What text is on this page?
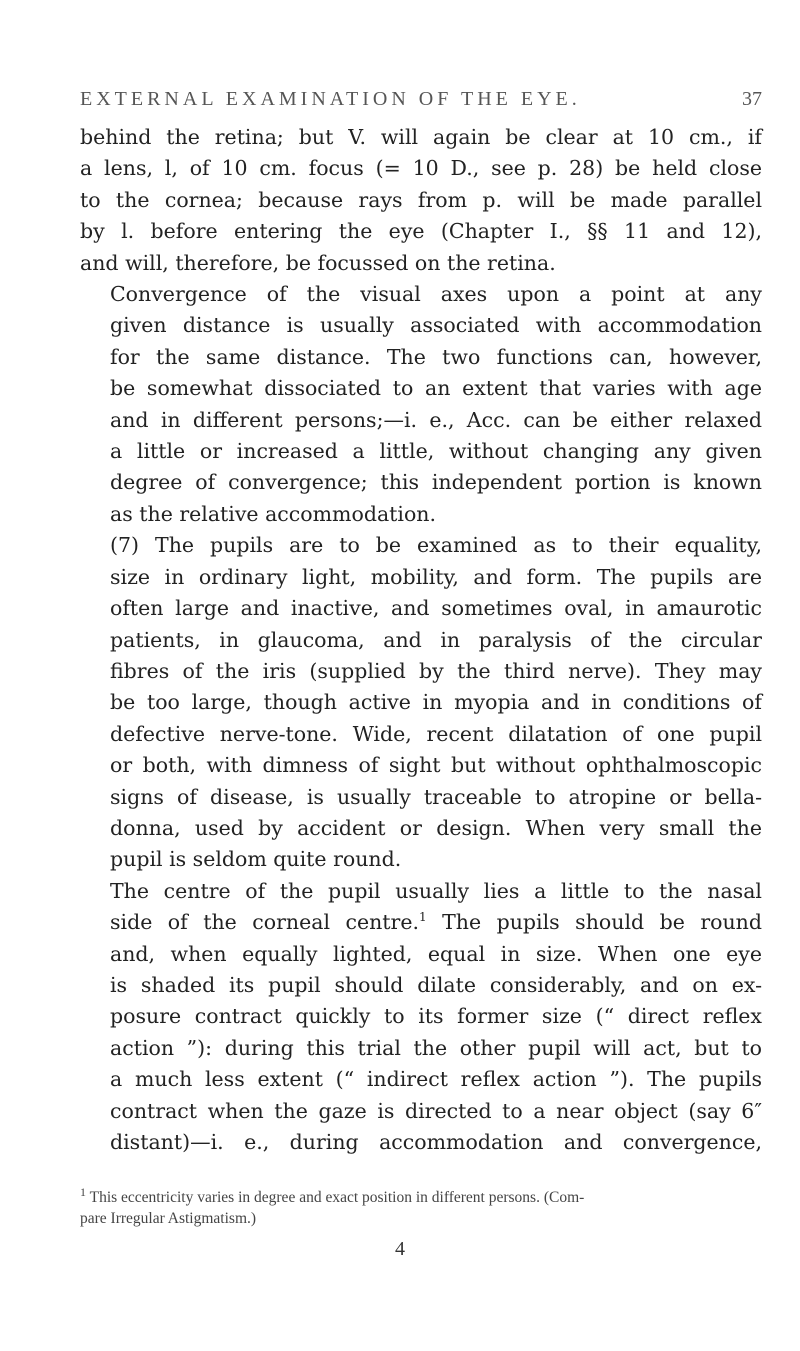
EXTERNAL EXAMINATION OF THE EYE.	37

behind the retina; but V. will again be clear at 10 cm., if
a lens, l, of 10 cm. focus (= 10 D., see p. 28) be held close
to the cornea; because rays from p. will be made parallel
by l. before entering the eye (Chapter I., §§ 11 and 12),
and will, therefore, be focussed on the retina.

Convergence of the visual axes upon a point at any
given distance is usually associated with accommodation
for the same distance. The two functions can, however,
be somewhat dissociated to an extent that varies with age
and in different persons;—i. e., Acc. can be either relaxed
a little or increased a little, without changing any given
degree of convergence; this independent portion is known
as the relative accommodation.

(7) The pupils are to be examined as to their equality,
size in ordinary light, mobility, and form. The pupils are
often large and inactive, and sometimes oval, in amaurotic
patients, in glaucoma, and in paralysis of the circular
fibres of the iris (supplied by the third nerve). They may
be too large, though active in myopia and in conditions of
defective nerve-tone. Wide, recent dilatation of one pupil
or both, with dimness of sight but without ophthalmoscopic
signs of disease, is usually traceable to atropine or bella-
donna, used by accident or design. When very small the
pupil is seldom quite round.

The centre of the pupil usually lies a little to the nasal
side of the corneal centre.$^1$ The pupils should be round
and, when equally lighted, equal in size. When one eye
is shaded its pupil should dilate considerably, and on ex-
posure contract quickly to its former size (“ direct reflex
action ”): during this trial the other pupil will act, but to
a much less extent (“ indirect reflex action ”). The pupils
contract when the gaze is directed to a near object (say 6″
distant)—i. e., during accommodation and convergence,

$^1$ This eccentricity varies in degree and exact position in different persons. (Com-
pare Irregular Astigmatism.)
4
